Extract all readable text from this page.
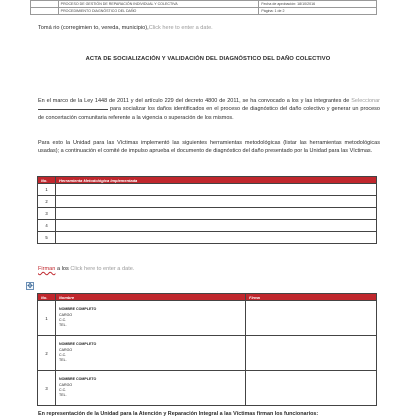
	PROCESO DE GESTIÓN DE REPARACIÓN INDIVIDUAL Y COLECTIVA	Fecha de aprobación: 18/10/2016
	PROCEDIMIENTO DIAGNÓSTICO DEL DAÑO	Página: 1 de 2
Tomá rio (corregimien to, vereda, municipio),Click here to enter a date.
ACTA DE SOCIALIZACIÓN Y VALIDACIÓN DEL DIAGNÓSTICO DEL DAÑO COLECTIVO
En el marco de la Ley 1448 de 2011 y del artículo 229 del decreto 4800 de 2011, se ha convocado a los y las integrantes de Seleccionar  para socializar los daños identificados en el proceso de diagnóstico del daño colectivo y generar un proceso de concertación comunitaria referente a la vigencia o superación de los mismos.
Para esto la Unidad para las Víctimas implementó las siguientes herramientas metodológicas (listar las herramientas metodológicas usadas); a continuación el comité de impulso aprueba el documento de diagnóstico del daño presentado por la Unidad para las Víctimas.
No.	Herramienta Metodológica Implementada
1	
2	
3	
4	
5	
Firman a los Click here to enter a date.
✥
No.	Nombre	Firma
1	NOMBRE COMPLETO
CARGO
C.C.
TEL.	

2	NOMBRE COMPLETO
CARGO
C.C.
TEL.	

3	NOMBRE COMPLETO
CARGO
C.C.
TEL.	

En representación de la Unidad para la Atención y Reparación Integral a las Víctimas firman los funcionarios:
